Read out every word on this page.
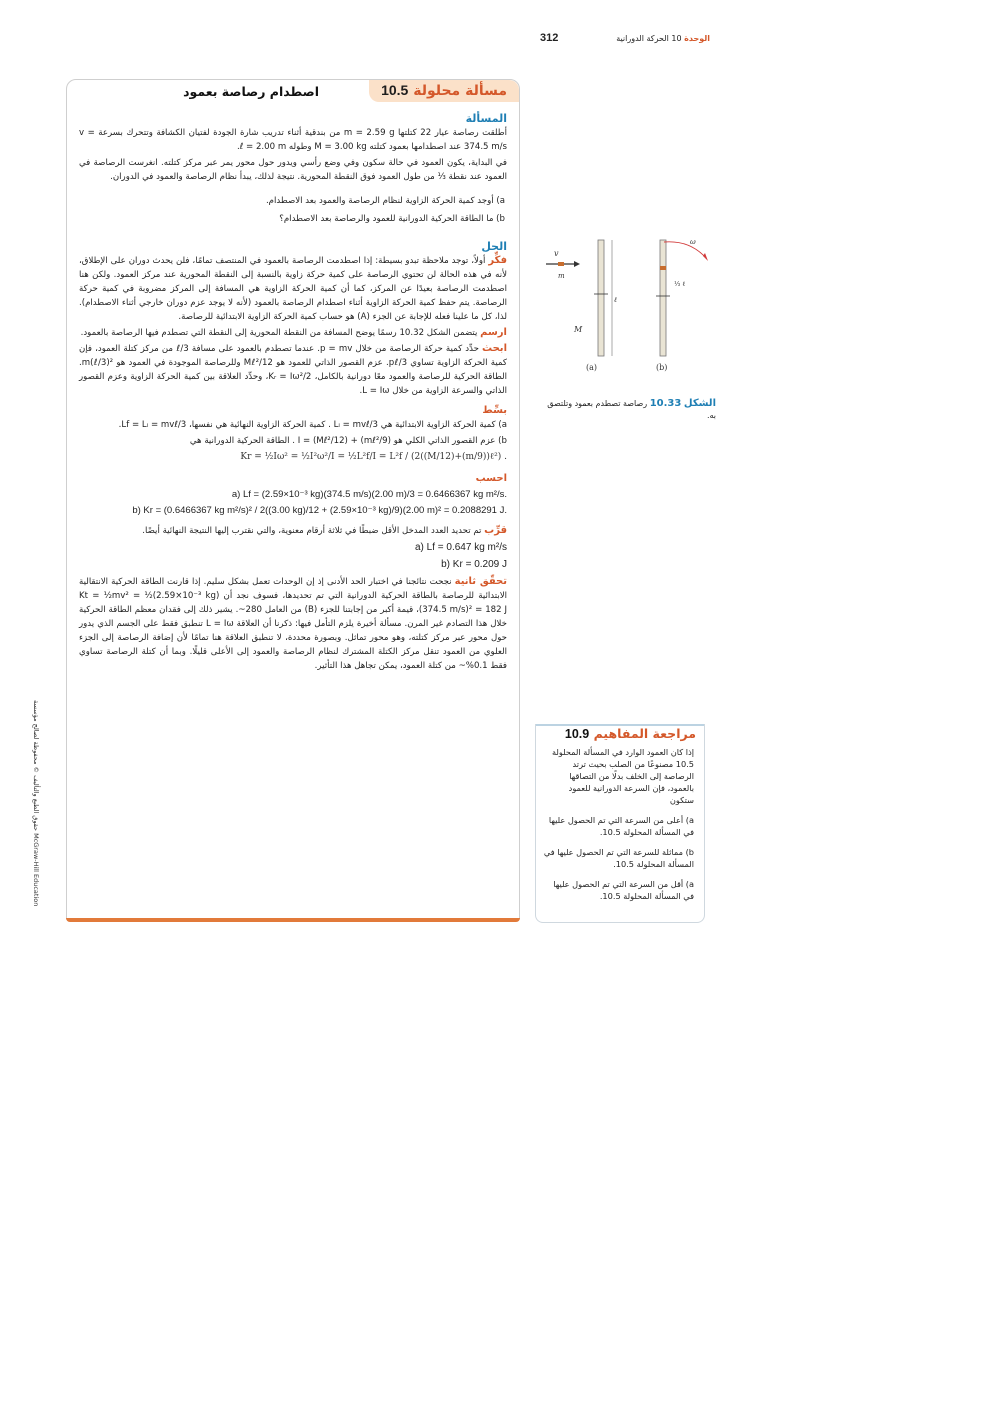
312	الوحدة 10 الحركة الدورانية
حقوق الطبع والتأليف © محفوظة لصالح مؤسسة McGraw-Hill Education
مسألة محلولة 10.5
اصطدام رصاصة بعمود
المسألة

أطلقت رصاصة عيار 22 كتلتها m = 2.59 g من بندقية أثناء تدريب شارة الجودة لفتيان الكشافة وتتحرك بسرعة v = 374.5 m/s عند اصطدامها بعمود كتلته M = 3.00 kg وطوله ℓ = 2.00 m.

في البداية، يكون العمود في حالة سكون وفي وضع رأسي ويدور حول محور يمر عبر مركز كتلته. انغرست الرصاصة في العمود عند نقطة ⅓ من طول العمود فوق النقطة المحورية. نتيجة لذلك، يبدأ نظام الرصاصة والعمود في الدوران.

a) أوجد كمية الحركة الزاوية لنظام الرصاصة والعمود بعد الاصطدام.

b) ما الطاقة الحركية الدورانية للعمود والرصاصة بعد الاصطدام؟

الحل

فكِّر أولاً، توجد ملاحظة تبدو بسيطة: إذا اصطدمت الرصاصة بالعمود في المنتصف تمامًا، فلن يحدث دوران على الإطلاق، لأنه في هذه الحالة لن تحتوي الرصاصة على كمية حركة زاوية بالنسبة إلى النقطة المحورية عند مركز العمود. ولكن هنا اصطدمت الرصاصة بعيدًا عن المركز، كما أن كمية الحركة الزاوية هي المسافة إلى المركز مضروبة في كمية حركة الرصاصة. يتم حفظ كمية الحركة الزاوية أثناء اصطدام الرصاصة بالعمود (لأنه لا يوجد عزم دوران خارجي أثناء الاصطدام). لذا، كل ما علينا فعله للإجابة عن الجزء (A) هو حساب كمية الحركة الزاوية الابتدائية للرصاصة.

ارسم يتضمن الشكل 10.32 رسمًا يوضح المسافة من النقطة المحورية إلى النقطة التي تصطدم فيها الرصاصة بالعمود.

ابحث حدِّد كمية حركة الرصاصة من خلال p = mv. عندما تصطدم بالعمود على مسافة ℓ/3 من مركز كتلة العمود، فإن كمية الحركة الزاوية تساوي pℓ/3. عزم القصور الذاتي للعمود هو Mℓ²/12 وللرصاصة الموجودة في العمود هو m(ℓ/3)². الطاقة الحركية للرصاصة والعمود معًا دورانية بالكامل، Kᵣ = Iω²/2، وحدِّد العلاقة بين كمية الحركة الزاوية وعزم القصور الذاتي والسرعة الزاوية من خلال L = Iω.

بسِّط

a) كمية الحركة الزاوية الابتدائية هي Lᵢ = mvℓ/3 . كمية الحركة الزاوية النهائية هي نفسها، Lf = Lᵢ = mvℓ/3.

b) عزم القصور الذاتي الكلي هو I = (Mℓ²/12) + (mℓ²/9) . الطاقة الحركية الدورانية هي

Kr = ½Iω² = ½I²ω²/I = ½L²f/I = L²f / (2((M/12)+(m/9))ℓ²) .
احسب
a) Lf = (2.59×10⁻³ kg)(374.5 m/s)(2.00 m)/3 = 0.6466367 kg m²/s.
b) Kr = (0.6466367 kg m²/s)² / 2((3.00 kg)/12 + (2.59×10⁻³ kg)/9)(2.00 m)² = 0.2088291 J.

قرِّب تم تحديد العدد المدخل الأقل ضبطًا في ثلاثة أرقام معنوية، والتي نقترب إليها النتيجة النهائية أيضًا.

a) Lf = 0.647 kg m²/s
b) Kr = 0.209 J

تحقّق ثانية نجحت نتائجنا في اختبار الحد الأدنى إذ إن الوحدات تعمل بشكل سليم. إذا قارنت الطاقة الحركية الانتقالية الابتدائية للرصاصة بالطاقة الحركية الدورانية التي تم تحديدها، فسوف نجد أن Kt = ½mv² = ½(2.59×10⁻³ kg)(374.5 m/s)² = 182 J، قيمة أكبر من إجابتنا للجزء (B) من العامل 280~. يشير ذلك إلى فقدان معظم الطاقة الحركية خلال هذا التصادم غير المرن. مسألة أخيرة يلزم التأمل فيها: ذكرنا أن العلاقة L = Iω تنطبق فقط على الجسم الذي يدور حول محور عبر مركز كتلته، وهو محور تماثل. وبصورة محددة، لا تنطبق العلاقة هنا تمامًا لأن إضافة الرصاصة إلى الجزء العلوي من العمود تنقل مركز الكتلة المشترك لنظام الرصاصة والعمود إلى الأعلى قليلًا. وبما أن كتلة الرصاصة تساوي فقط 0.1%~ من كتلة العمود، يمكن تجاهل هذا التأثير.

v
m
ℓ
M
(a)
ω
⅓ ℓ
(b)
الشكل 10.33 رصاصة تصطدم بعمود وتلتصق به.
مراجعة المفاهيم 10.9

إذا كان العمود الوارد في المسألة المحلولة 10.5 مصنوعًا من الصلب بحيث ترتد الرصاصة إلى الخلف بدلًا من التصاقها بالعمود، فإن السرعة الدورانية للعمود ستكون

a) أعلى من السرعة التي تم الحصول عليها في المسألة المحلولة 10.5.

b) مماثلة للسرعة التي تم الحصول عليها في المسألة المحلولة 10.5.

a) أقل من السرعة التي تم الحصول عليها في المسألة المحلولة 10.5.
